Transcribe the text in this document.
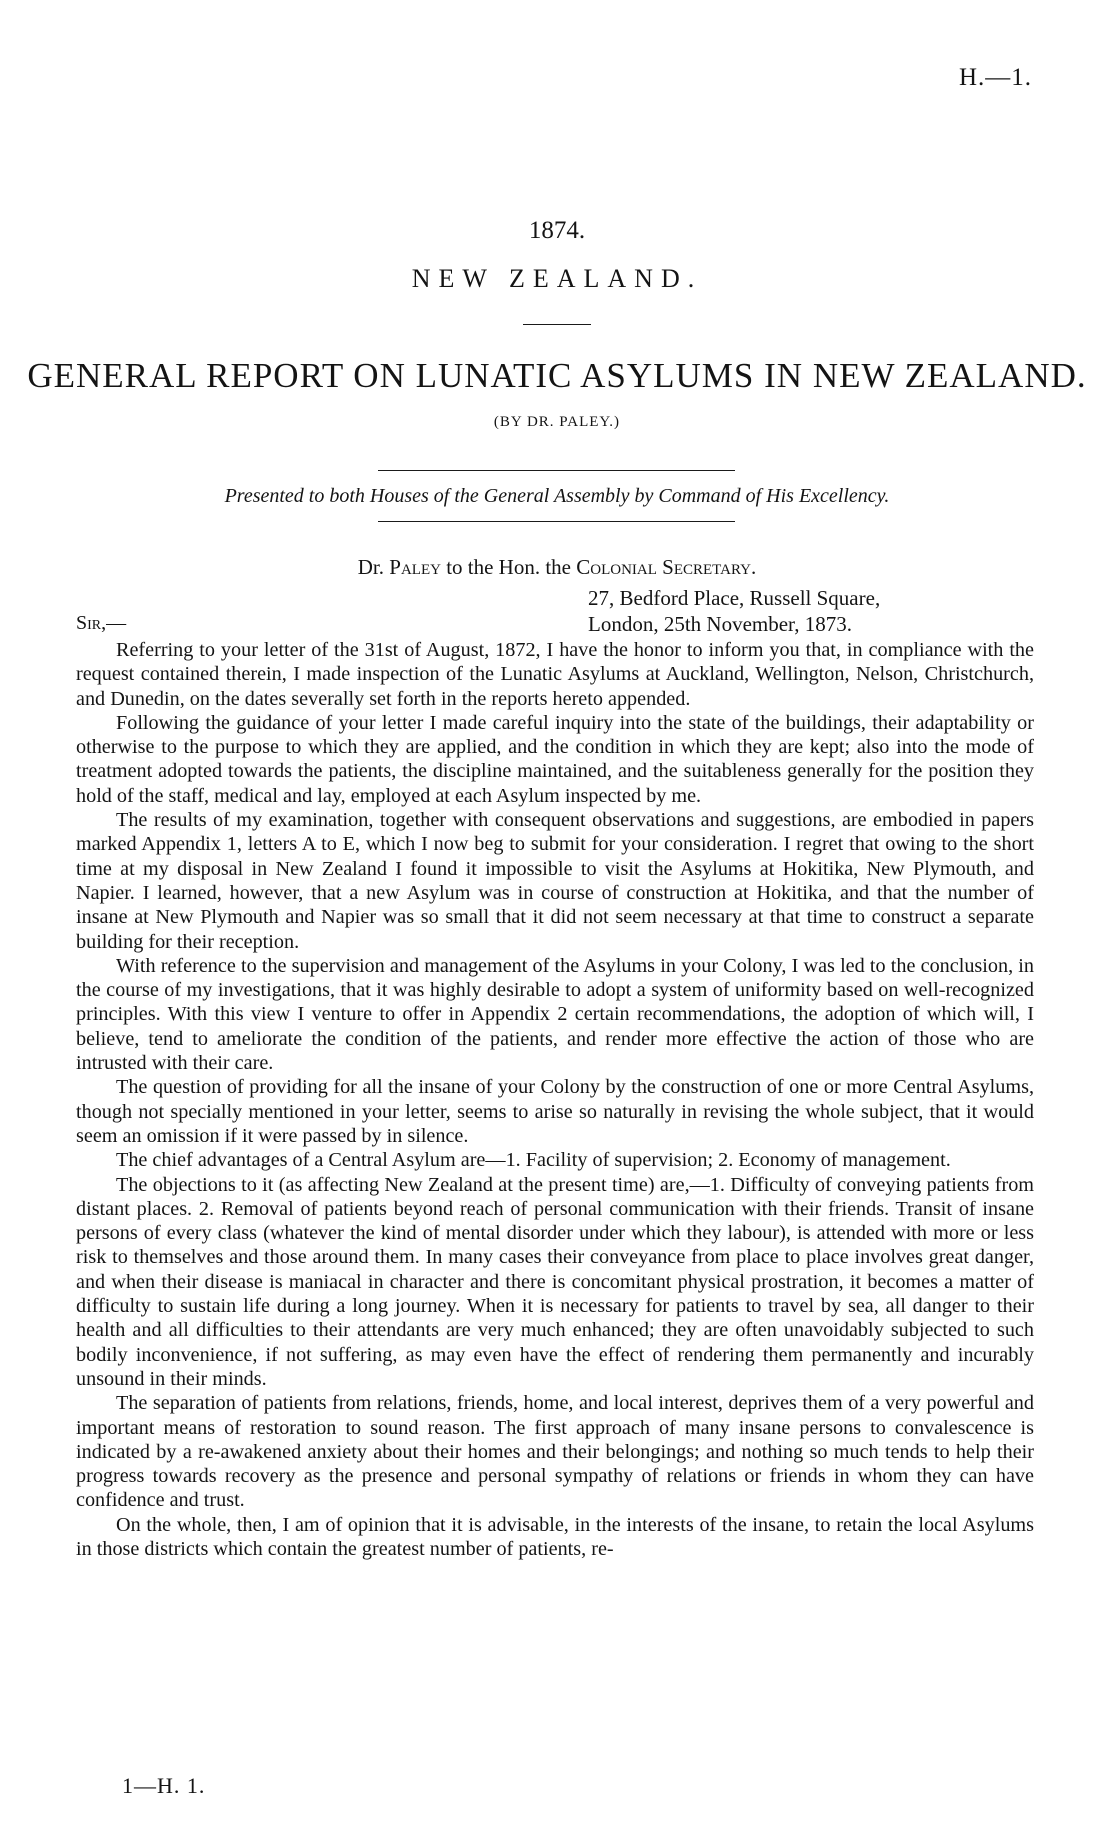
H.—1.
1874.
NEW ZEALAND.
GENERAL REPORT ON LUNATIC ASYLUMS IN NEW ZEALAND.
(BY DR. PALEY.)
Presented to both Houses of the General Assembly by Command of His Excellency.
Dr. Paley to the Hon. the Colonial Secretary.
27, Bedford Place, Russell Square,
Sir,—	London, 25th November, 1873.

Referring to your letter of the 31st of August, 1872, I have the honor to inform you that, in compliance with the request contained therein, I made inspection of the Lunatic Asylums at Auckland, Wellington, Nelson, Christchurch, and Dunedin, on the dates severally set forth in the reports hereto appended.

Following the guidance of your letter I made careful inquiry into the state of the buildings, their adaptability or otherwise to the purpose to which they are applied, and the condition in which they are kept; also into the mode of treatment adopted towards the patients, the discipline maintained, and the suitableness generally for the position they hold of the staff, medical and lay, employed at each Asylum inspected by me.

The results of my examination, together with consequent observations and suggestions, are embodied in papers marked Appendix 1, letters A to E, which I now beg to submit for your consideration. I regret that owing to the short time at my disposal in New Zealand I found it impossible to visit the Asylums at Hokitika, New Plymouth, and Napier. I learned, however, that a new Asylum was in course of construction at Hokitika, and that the number of insane at New Plymouth and Napier was so small that it did not seem necessary at that time to construct a separate building for their reception.

With reference to the supervision and management of the Asylums in your Colony, I was led to the conclusion, in the course of my investigations, that it was highly desirable to adopt a system of uniformity based on well-recognized principles. With this view I venture to offer in Appendix 2 certain recommendations, the adoption of which will, I believe, tend to ameliorate the condition of the patients, and render more effective the action of those who are intrusted with their care.

The question of providing for all the insane of your Colony by the construction of one or more Central Asylums, though not specially mentioned in your letter, seems to arise so naturally in revising the whole subject, that it would seem an omission if it were passed by in silence.

The chief advantages of a Central Asylum are—1. Facility of supervision; 2. Economy of management.

The objections to it (as affecting New Zealand at the present time) are,—1. Difficulty of conveying patients from distant places. 2. Removal of patients beyond reach of personal communication with their friends. Transit of insane persons of every class (whatever the kind of mental disorder under which they labour), is attended with more or less risk to themselves and those around them. In many cases their conveyance from place to place involves great danger, and when their disease is maniacal in character and there is concomitant physical prostration, it becomes a matter of difficulty to sustain life during a long journey. When it is necessary for patients to travel by sea, all danger to their health and all difficulties to their attendants are very much enhanced; they are often unavoidably subjected to such bodily inconvenience, if not suffering, as may even have the effect of rendering them permanently and incurably unsound in their minds.

The separation of patients from relations, friends, home, and local interest, deprives them of a very powerful and important means of restoration to sound reason. The first approach of many insane persons to convalescence is indicated by a re-awakened anxiety about their homes and their belongings; and nothing so much tends to help their progress towards recovery as the presence and personal sympathy of relations or friends in whom they can have confidence and trust.

On the whole, then, I am of opinion that it is advisable, in the interests of the insane, to retain the local Asylums in those districts which contain the greatest number of patients, re-

1—H. 1.
